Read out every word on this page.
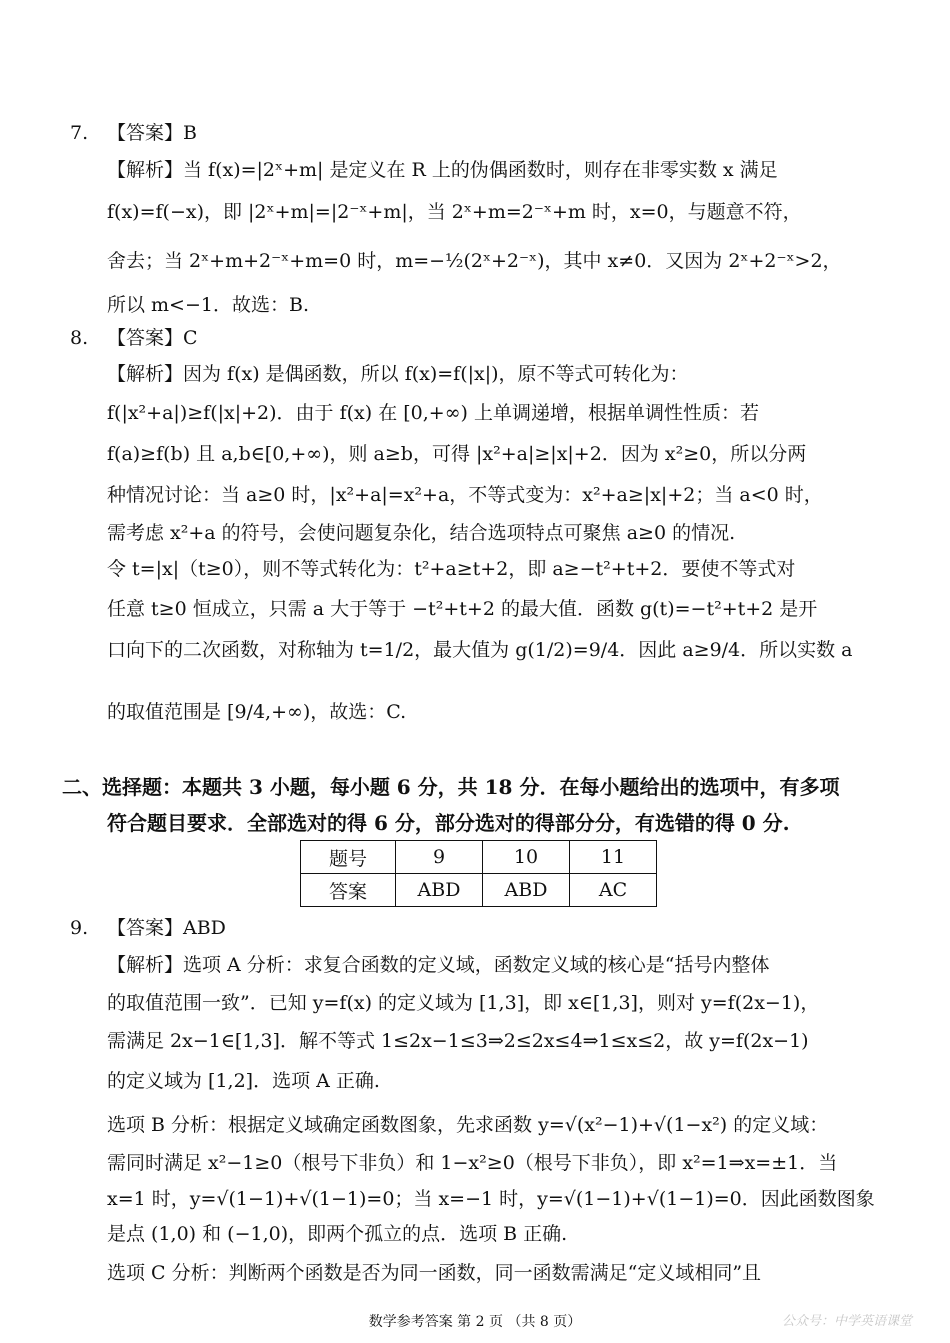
7. 【答案】B
【解析】当 f(x)=|2ˣ+m| 是定义在 R 上的伪偶函数时，则存在非零实数 x 满足
f(x)=f(−x)，即 |2ˣ+m|=|2⁻ˣ+m|，当 2ˣ+m=2⁻ˣ+m 时，x=0，与题意不符，
舍去；当 2ˣ+m+2⁻ˣ+m=0 时，m=−½(2ˣ+2⁻ˣ)，其中 x≠0．又因为 2ˣ+2⁻ˣ>2，
所以 m<−1．故选：B.
8. 【答案】C
【解析】因为 f(x) 是偶函数，所以 f(x)=f(|x|)，原不等式可转化为：
f(|x²+a|)≥f(|x|+2)．由于 f(x) 在 [0,+∞) 上单调递增，根据单调性性质：若
f(a)≥f(b) 且 a,b∈[0,+∞)，则 a≥b，可得 |x²+a|≥|x|+2．因为 x²≥0，所以分两
种情况讨论：当 a≥0 时，|x²+a|=x²+a，不等式变为：x²+a≥|x|+2；当 a<0 时，
需考虑 x²+a 的符号，会使问题复杂化，结合选项特点可聚焦 a≥0 的情况.
令 t=|x|（t≥0），则不等式转化为：t²+a≥t+2，即 a≥−t²+t+2．要使不等式对
任意 t≥0 恒成立，只需 a 大于等于 −t²+t+2 的最大值．函数 g(t)=−t²+t+2 是开
口向下的二次函数，对称轴为 t=1/2，最大值为 g(1/2)=9/4．因此 a≥9/4．所以实数 a
的取值范围是 [9/4,+∞)，故选：C.
二、选择题：本题共 3 小题，每小题 6 分，共 18 分．在每小题给出的选项中，有多项
符合题目要求．全部选对的得 6 分，部分选对的得部分分，有选错的得 0 分.
题号	9	10	11
答案	ABD	ABD	AC
9. 【答案】ABD
【解析】选项 A 分析：求复合函数的定义域，函数定义域的核心是“括号内整体
的取值范围一致”．已知 y=f(x) 的定义域为 [1,3]，即 x∈[1,3]，则对 y=f(2x−1)，
需满足 2x−1∈[1,3]．解不等式 1≤2x−1≤3⇒2≤2x≤4⇒1≤x≤2，故 y=f(2x−1)
的定义域为 [1,2]．选项 A 正确.
选项 B 分析：根据定义域确定函数图象，先求函数 y=√(x²−1)+√(1−x²) 的定义域：
需同时满足 x²−1≥0（根号下非负）和 1−x²≥0（根号下非负），即 x²=1⇒x=±1．当
x=1 时，y=√(1−1)+√(1−1)=0；当 x=−1 时，y=√(1−1)+√(1−1)=0．因此函数图象
是点 (1,0) 和 (−1,0)，即两个孤立的点．选项 B 正确.
选项 C 分析：判断两个函数是否为同一函数，同一函数需满足“定义域相同”且
数学参考答案 第 2 页 （共 8 页）	公众号：中学英语课堂
